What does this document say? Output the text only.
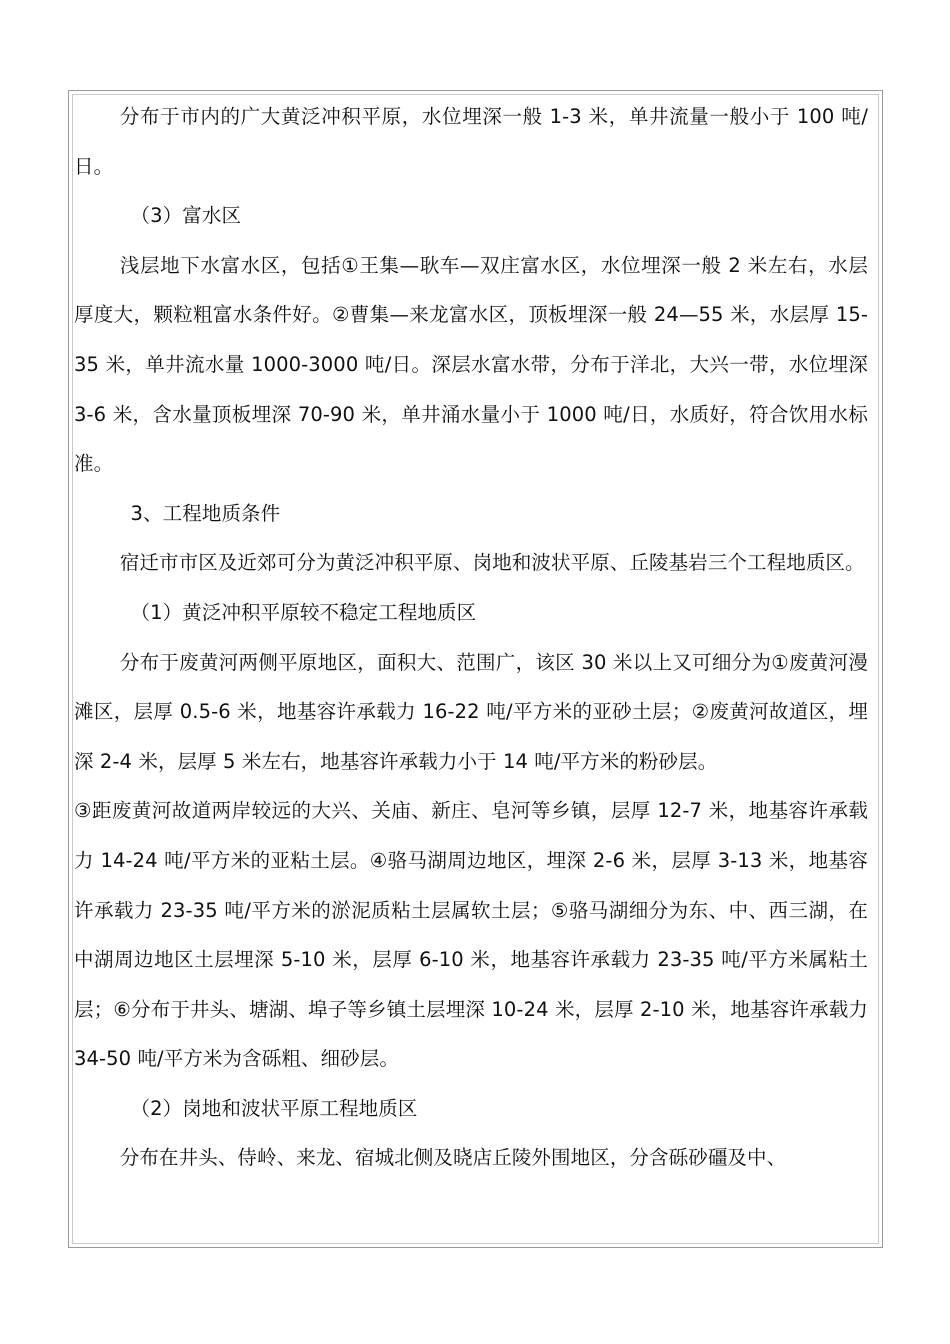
分布于市内的广大黄泛冲积平原，水位埋深一般 1-3 米，单井流量一般小于 100 吨/日。

（3）富水区

浅层地下水富水区，包括①王集—耿车—双庄富水区，水位埋深一般 2 米左右，水层厚度大，颗粒粗富水条件好。②曹集—来龙富水区，顶板埋深一般 24—55 米，水层厚 15-35 米，单井流水量 1000-3000 吨/日。深层水富水带，分布于洋北，大兴一带，水位埋深 3-6 米，含水量顶板埋深 70-90 米，单井涌水量小于 1000 吨/日，水质好，符合饮用水标准。

3、工程地质条件

宿迁市市区及近郊可分为黄泛冲积平原、岗地和波状平原、丘陵基岩三个工程地质区。

（1）黄泛冲积平原较不稳定工程地质区

分布于废黄河两侧平原地区，面积大、范围广，该区 30 米以上又可细分为①废黄河漫滩区，层厚 0.5-6 米，地基容许承载力 16-22 吨/平方米的亚砂土层；②废黄河故道区，埋深 2-4 米，层厚 5 米左右，地基容许承载力小于 14 吨/平方米的粉砂层。

③距废黄河故道两岸较远的大兴、关庙、新庄、皂河等乡镇，层厚 12-7 米，地基容许承载力 14-24 吨/平方米的亚粘土层。④骆马湖周边地区，埋深 2-6 米，层厚 3-13 米，地基容许承载力 23-35 吨/平方米的淤泥质粘土层属软土层；⑤骆马湖细分为东、中、西三湖，在中湖周边地区土层埋深 5-10 米，层厚 6-10 米，地基容许承载力 23-35 吨/平方米属粘土层；⑥分布于井头、塘湖、埠子等乡镇土层埋深 10-24 米，层厚 2-10 米，地基容许承载力 34-50 吨/平方米为含砾粗、细砂层。

（2）岗地和波状平原工程地质区

分布在井头、侍岭、来龙、宿城北侧及晓店丘陵外围地区，分含砾砂礓及中、
